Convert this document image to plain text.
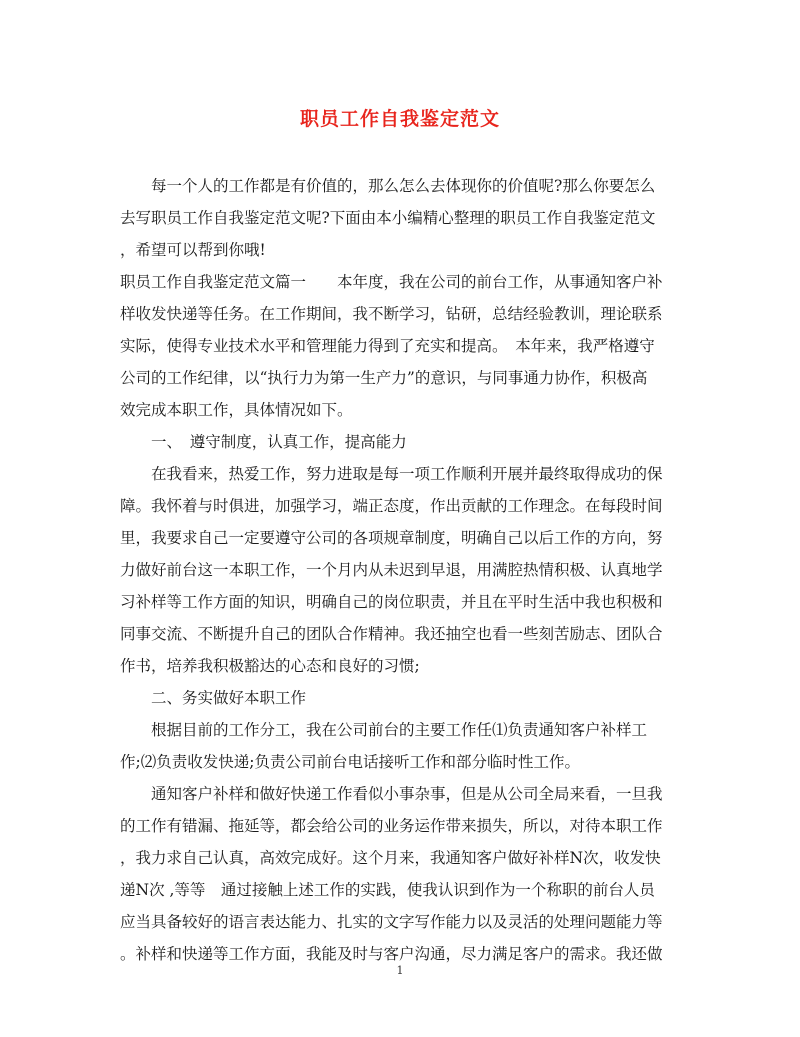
职员工作自我鉴定范文
每一个人的工作都是有价值的，那么怎么去体现你的价值呢?那么你要怎么
去写职员工作自我鉴定范文呢?下面由本小编精心整理的职员工作自我鉴定范文
，希望可以帮到你哦!
职员工作自我鉴定范文篇一　　本年度，我在公司的前台工作，从事通知客户补
样收发快递等任务。在工作期间，我不断学习，钻研，总结经验教训，理论联系
实际，使得专业技术水平和管理能力得到了充实和提高。　本年来，我严格遵守
公司的工作纪律，以“执行力为第一生产力”的意识，与同事通力协作，积极高
效完成本职工作，具体情况如下。
一、　遵守制度，认真工作，提高能力
在我看来，热爱工作，努力进取是每一项工作顺利开展并最终取得成功的保
障。我怀着与时俱进，加强学习，端正态度，作出贡献的工作理念。在每段时间
里，我要求自己一定要遵守公司的各项规章制度，明确自己以后工作的方向，努
力做好前台这一本职工作，一个月内从未迟到早退，用满腔热情积极、认真地学
习补样等工作方面的知识，明确自己的岗位职责，并且在平时生活中我也积极和
同事交流、不断提升自己的团队合作精神。我还抽空也看一些刻苦励志、团队合
作书，培养我积极豁达的心态和良好的习惯;
二、务实做好本职工作
根据目前的工作分工，我在公司前台的主要工作任⑴负责通知客户补样工
作;⑵负责收发快递;负责公司前台电话接听工作和部分临时性工作。
通知客户补样和做好快递工作看似小事杂事，但是从公司全局来看，一旦我
的工作有错漏、拖延等，都会给公司的业务运作带来损失，所以，对待本职工作
，我力求自己认真，高效完成好。这个月来，我通知客户做好补样N次，收发快
递N次 ,等等　通过接触上述工作的实践，使我认识到作为一个称职的前台人员
应当具备较好的语言表达能力、扎实的文字写作能力以及灵活的处理问题能力等
。补样和快递等工作方面，我能及时与客户沟通，尽力满足客户的需求。我还做
1
